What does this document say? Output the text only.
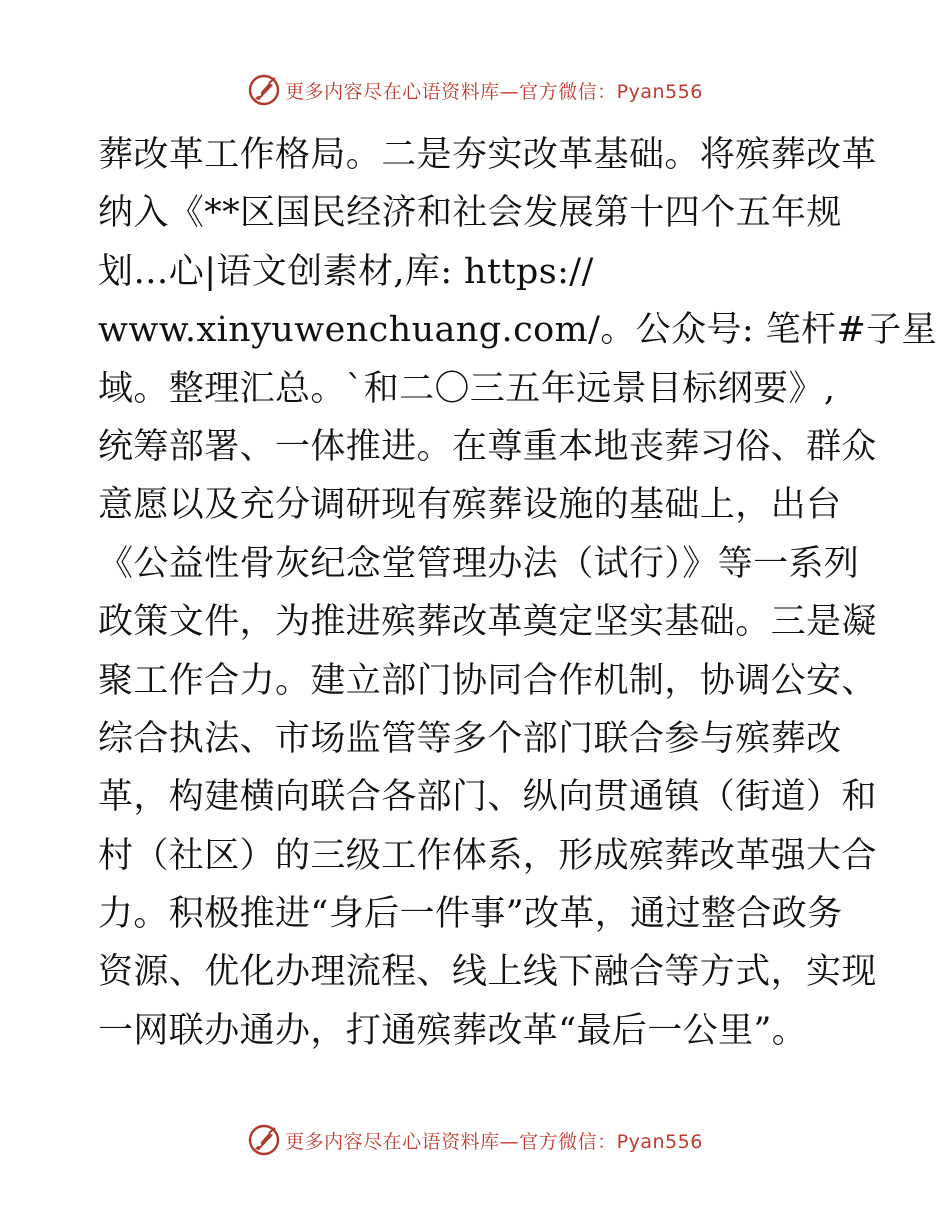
更多内容尽在心语资料库—官方微信：Pyan556
葬改革工作格局。二是夯实改革基础。将殡葬改革
纳入《**区国民经济和社会发展第十四个五年规
划…心|语文创素材,库: https://
www.xinyuwenchuang.com/。公众号: 笔杆#子星
域。整理汇总。`和二〇三五年远景目标纲要》,
统筹部署、一体推进。在尊重本地丧葬习俗、群众
意愿以及充分调研现有殡葬设施的基础上，出台
《公益性骨灰纪念堂管理办法（试行）》等一系列
政策文件，为推进殡葬改革奠定坚实基础。三是凝
聚工作合力。建立部门协同合作机制，协调公安、
综合执法、市场监管等多个部门联合参与殡葬改
革，构建横向联合各部门、纵向贯通镇（街道）和
村（社区）的三级工作体系，形成殡葬改革强大合
力。积极推进“身后一件事”改革，通过整合政务
资源、优化办理流程、线上线下融合等方式，实现
一网联办通办，打通殡葬改革“最后一公里”。
更多内容尽在心语资料库—官方微信：Pyan556
